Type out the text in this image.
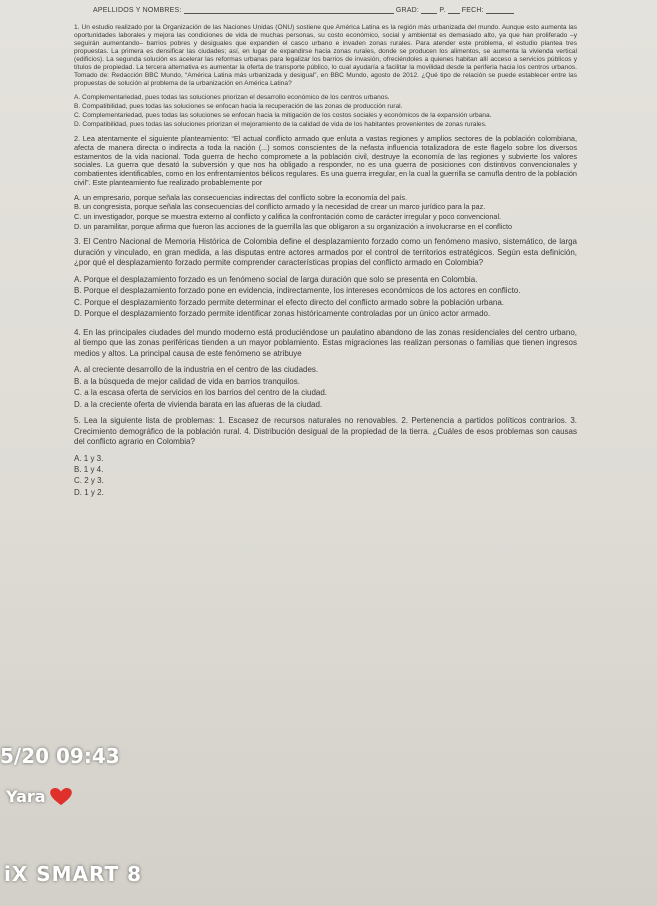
APELLIDOS Y NOMBRES:	GRAD:	P. FECH:

1. Un estudio realizado por la Organización de las Naciones Unidas (ONU) sostiene que América Latina es la región más urbanizada del mundo. Aunque esto aumenta las oportunidades laborales y mejora las condiciones de vida de muchas personas, su costo económico, social y ambiental es demasiado alto, ya que han proliferado –y seguirán aumentando– barrios pobres y desiguales que expanden el casco urbano e invaden zonas rurales. Para atender este problema, el estudio plantea tres propuestas. La primera es densificar las ciudades; así, en lugar de expandirse hacia zonas rurales, donde se producen los alimentos, se aumenta la vivienda vertical (edificios). La segunda solución es acelerar las reformas urbanas para legalizar los barrios de invasión, ofreciéndoles a quienes habitan allí acceso a servicios públicos y títulos de propiedad. La tercera alternativa es aumentar la oferta de transporte público, lo cual ayudaría a facilitar la movilidad desde la periferia hacia los centros urbanos. Tomado de: Redacción BBC Mundo, “América Latina más urbanizada y desigual”, en BBC Mundo, agosto de 2012. ¿Qué tipo de relación se puede establecer entre las propuestas de solución al problema de la urbanización en América Latina?

A. Complementariedad, pues todas las soluciones priorizan el desarrollo económico de los centros urbanos.

B. Compatibilidad, pues todas las soluciones se enfocan hacia la recuperación de las zonas de producción rural.

C. Complementariedad, pues todas las soluciones se enfocan hacia la mitigación de los costos sociales y económicos de la expansión urbana.

D. Compatibilidad, pues todas las soluciones priorizan el mejoramiento de la calidad de vida de los habitantes provenientes de zonas rurales.

2. Lea atentamente el siguiente planteamiento: “El actual conflicto armado que enluta a vastas regiones y amplios sectores de la población colombiana, afecta de manera directa o indirecta a toda la nación (...) somos conscientes de la nefasta influencia totalizadora de este flagelo sobre los diversos estamentos de la vida nacional. Toda guerra de hecho compromete a la población civil, destruye la economía de las regiones y subvierte los valores sociales. La guerra que desató la subversión y que nos ha obligado a responder, no es una guerra de posiciones con distintivos convencionales y combatientes identificables, como en los enfrentamientos bélicos regulares. Es una guerra irregular, en la cual la guerrilla se camufla dentro de la población civil”. Este planteamiento fue realizado probablemente por

A. un empresario, porque señala las consecuencias indirectas del conflicto sobre la economía del país.

B. un congresista, porque señala las consecuencias del conflicto armado y la necesidad de crear un marco jurídico para la paz.

C. un investigador, porque se muestra externo al conflicto y califica la confrontación como de carácter irregular y poco convencional.

D. un paramilitar, porque afirma que fueron las acciones de la guerrilla las que obligaron a su organización a involucrarse en el conflicto

3. El Centro Nacional de Memoria Histórica de Colombia define el desplazamiento forzado como un fenómeno masivo, sistemático, de larga duración y vinculado, en gran medida, a las disputas entre actores armados por el control de territorios estratégicos. Según esta definición, ¿por qué el desplazamiento forzado permite comprender características propias del conflicto armado en Colombia?

A. Porque el desplazamiento forzado es un fenómeno social de larga duración que solo se presenta en Colombia.

B. Porque el desplazamiento forzado pone en evidencia, indirectamente, los intereses económicos de los actores en conflicto.

C. Porque el desplazamiento forzado permite determinar el efecto directo del conflicto armado sobre la población urbana.

D. Porque el desplazamiento forzado permite identificar zonas históricamente controladas por un único actor armado.

4. En las principales ciudades del mundo moderno está produciéndose un paulatino abandono de las zonas residenciales del centro urbano, al tiempo que las zonas periféricas tienden a un mayor poblamiento. Estas migraciones las realizan personas o familias que tienen ingresos medios y altos. La principal causa de este fenómeno se atribuye

A. al creciente desarrollo de la industria en el centro de las ciudades.

B. a la búsqueda de mejor calidad de vida en barrios tranquilos.

C. a la escasa oferta de servicios en los barrios del centro de la ciudad.

D. a la creciente oferta de vivienda barata en las afueras de la ciudad.

5. Lea la siguiente lista de problemas: 1. Escasez de recursos naturales no renovables. 2. Pertenencia a partidos políticos contrarios. 3. Crecimiento demográfico de la población rural. 4. Distribución desigual de la propiedad de la tierra. ¿Cuáles de esos problemas son causas del conflicto agrario en Colombia?

A. 1 y 3.

B. 1 y 4.

C. 2 y 3.

D. 1 y 2.

5/20 09:43
Yara
iX SMART 8
